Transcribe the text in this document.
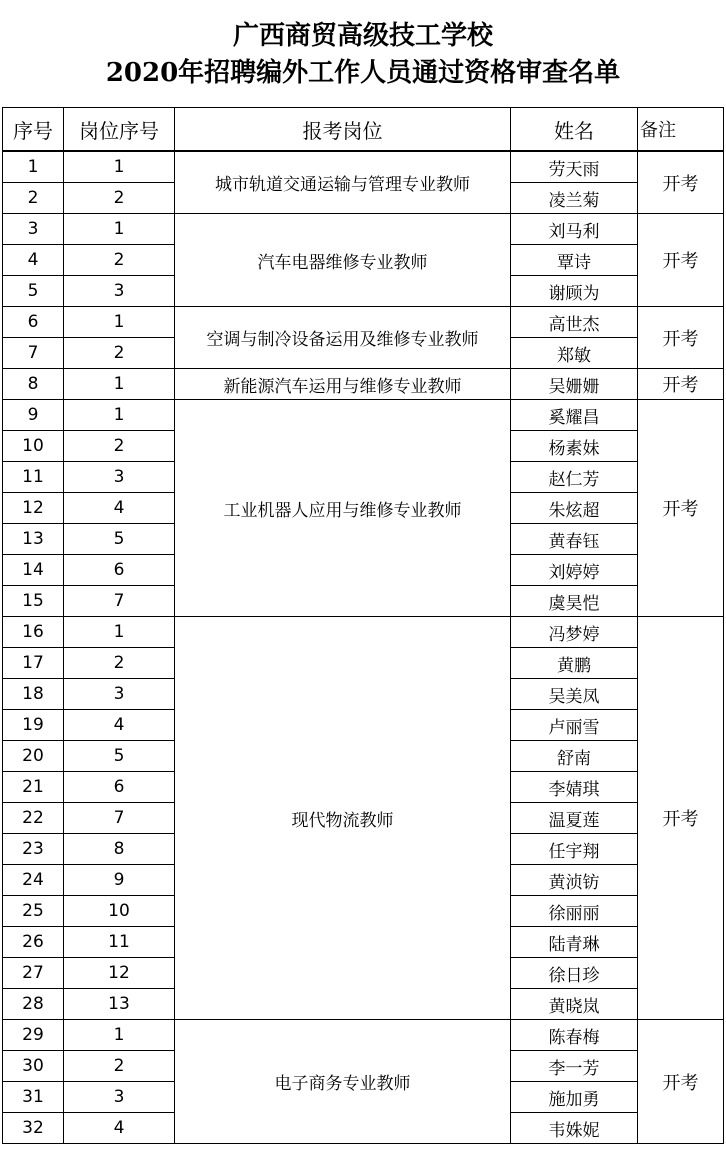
广西商贸高级技工学校
2020年招聘编外工作人员通过资格审查名单
序号	岗位序号	报考岗位	姓名	备注
1	1	城市轨道交通运输与管理专业教师	劳天雨	开考
2	2		凌兰菊	
3	1	汽车电器维修专业教师	刘马利	开考
4	2		覃诗	
5	3		谢顾为	
6	1	空调与制冷设备运用及维修专业教师	高世杰	开考
7	2		郑敏	
8	1	新能源汽车运用与维修专业教师	吴姗姗	开考
9	1	工业机器人应用与维修专业教师	奚耀昌	开考
10	2		杨素妹	
11	3		赵仁芳	
12	4		朱炫超	
13	5		黄春钰	
14	6		刘婷婷	
15	7		虞昊恺	
16	1	现代物流教师	冯梦婷	开考
17	2		黄鹏	
18	3		吴美凤	
19	4		卢丽雪	
20	5		舒南	
21	6		李婧琪	
22	7		温夏莲	
23	8		任宇翔	
24	9		黄浈钫	
25	10		徐丽丽	
26	11		陆青琳	
27	12		徐日珍	
28	13		黄晓岚	
29	1	电子商务专业教师	陈春梅	开考
30	2		李一芳	
31	3		施加勇	
32	4		韦姝妮	
